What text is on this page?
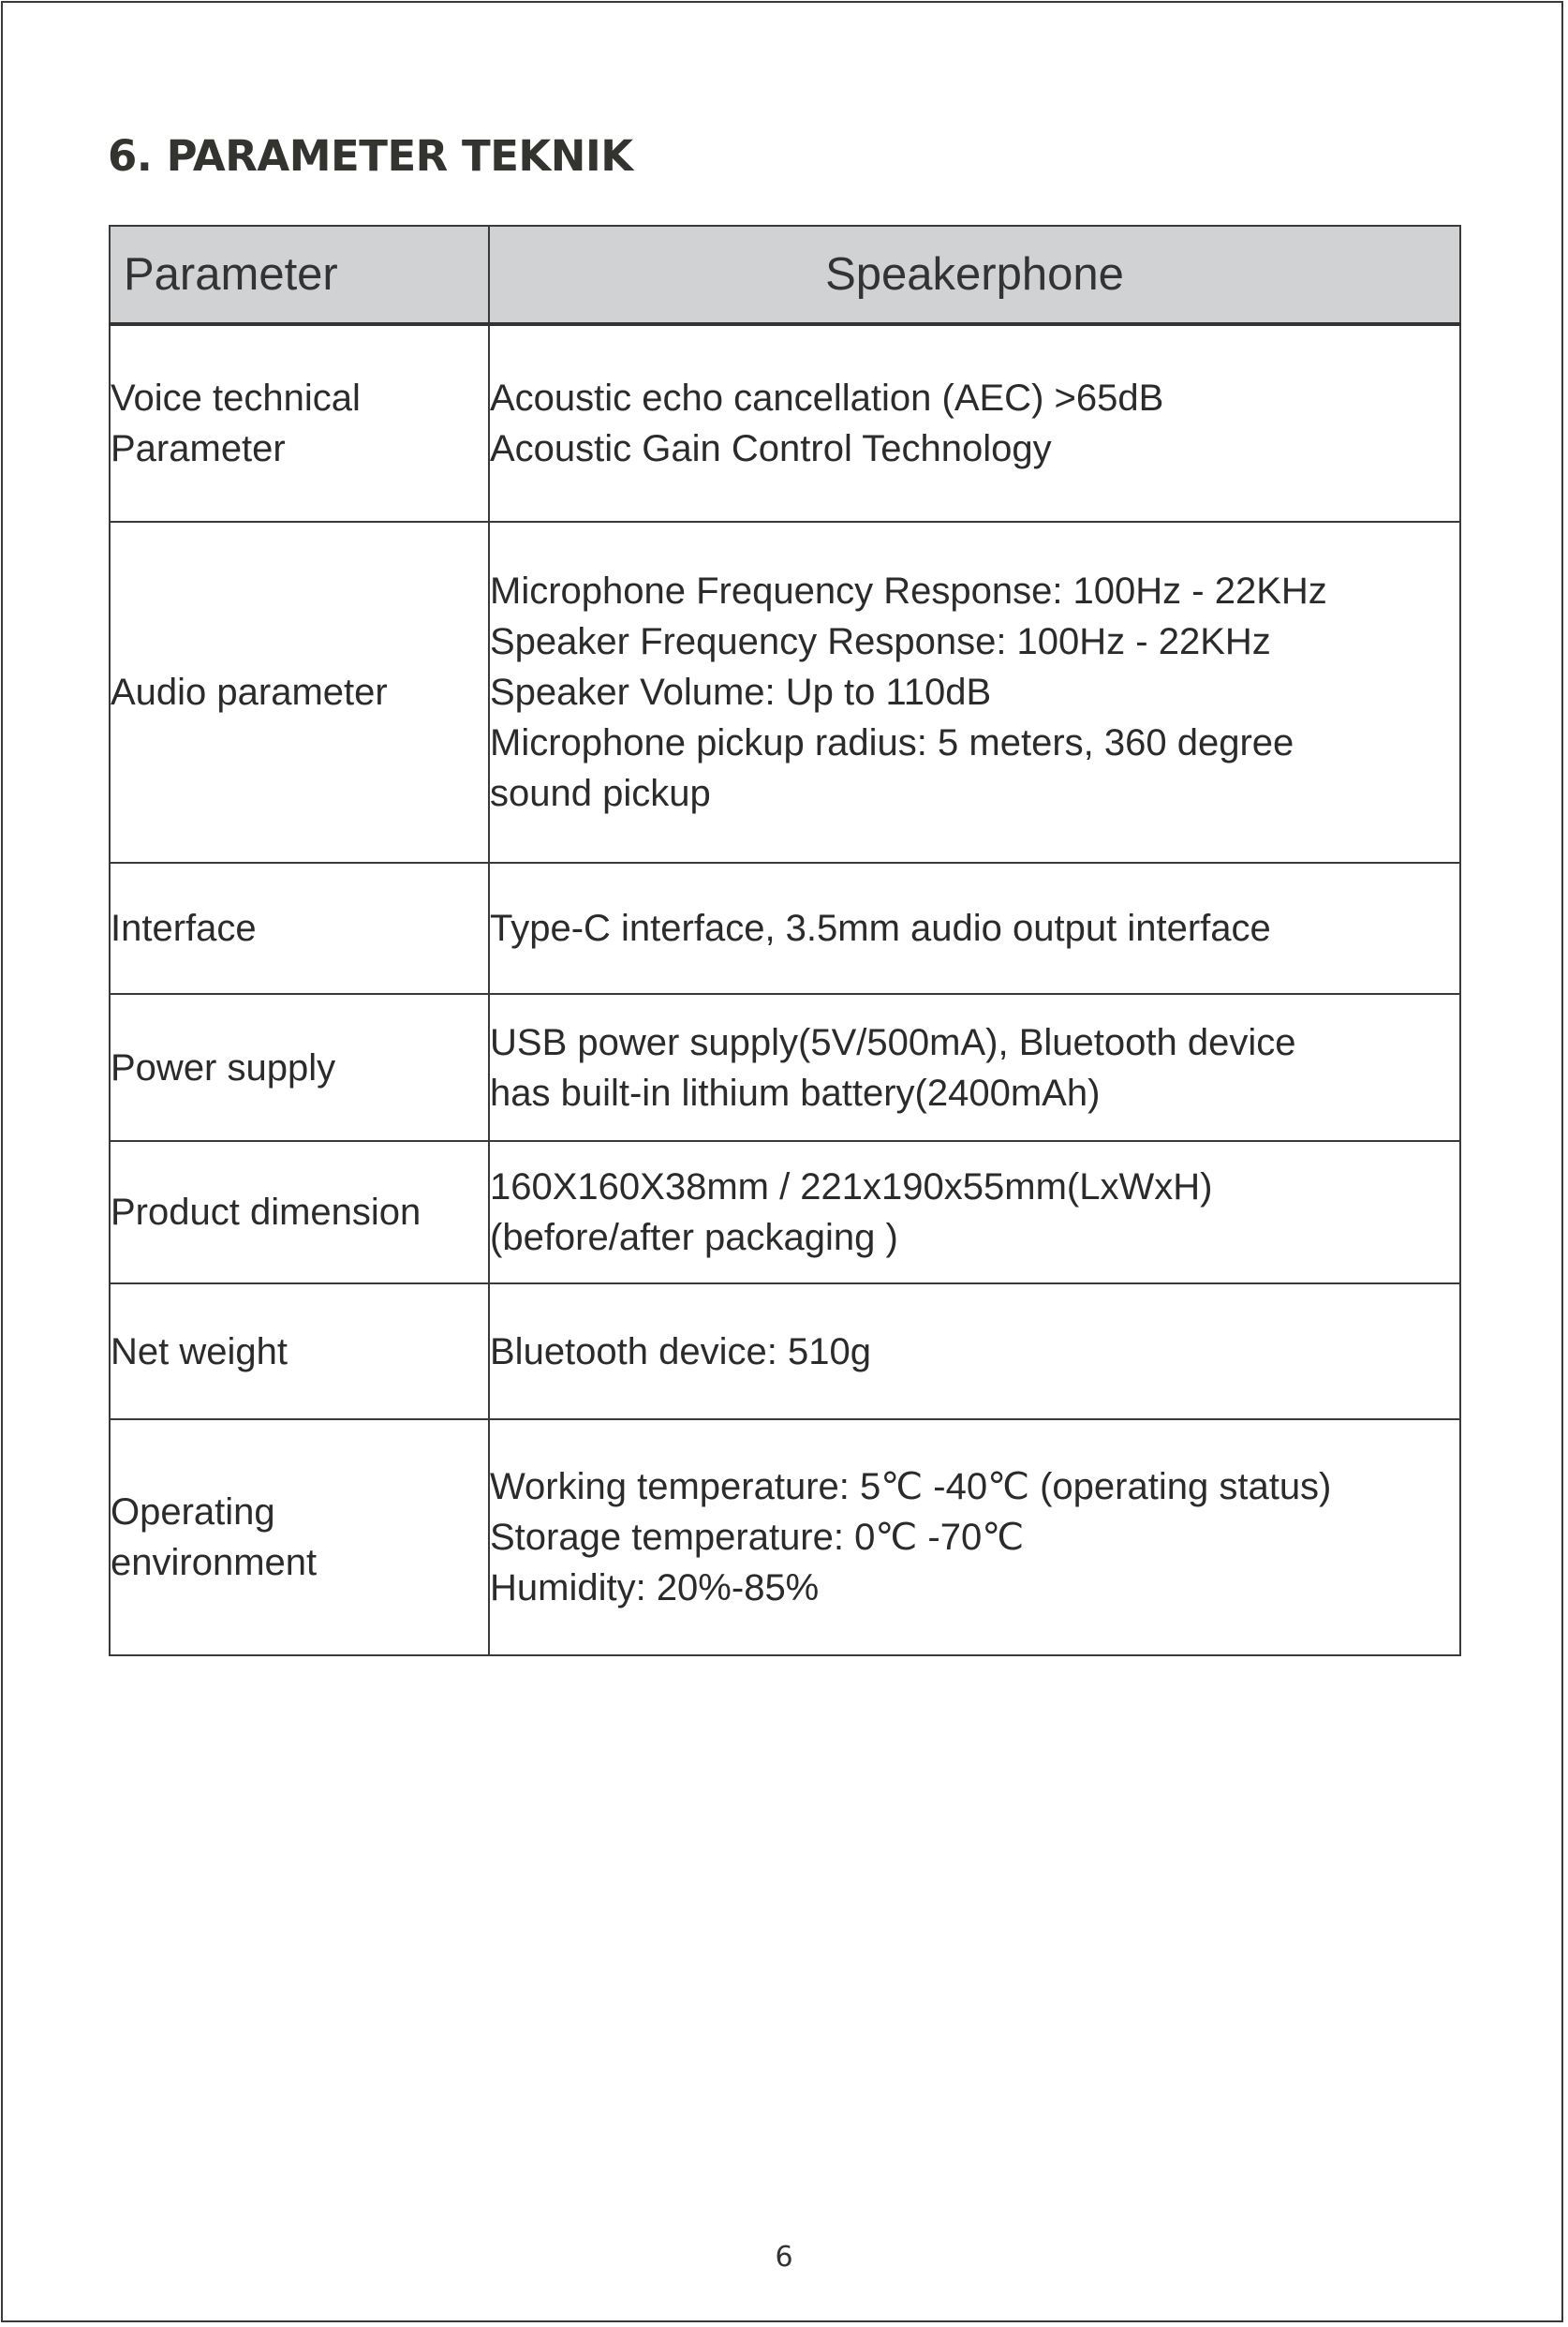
6. PARAMETER TEKNIK
Parameter	Speakerphone

Voice technical
Parameter	Acoustic echo cancellation (AEC) >65dB
Acoustic Gain Control Technology

Audio parameter	Microphone Frequency Response: 100Hz - 22KHz
Speaker Frequency Response: 100Hz - 22KHz
Speaker Volume: Up to 110dB
Microphone pickup radius: 5 meters, 360 degree
sound pickup

Interface	Type-C interface, 3.5mm audio output interface

Power supply	USB power supply(5V/500mA), Bluetooth device
has built-in lithium battery(2400mAh)

Product dimension	160X160X38mm / 221x190x55mm(LxWxH)
(before/after packaging )

Net weight	Bluetooth device: 510g

Operating
environment	Working temperature: 5℃ -40℃ (operating status)
Storage temperature: 0℃ -70℃
Humidity: 20%-85%
6
